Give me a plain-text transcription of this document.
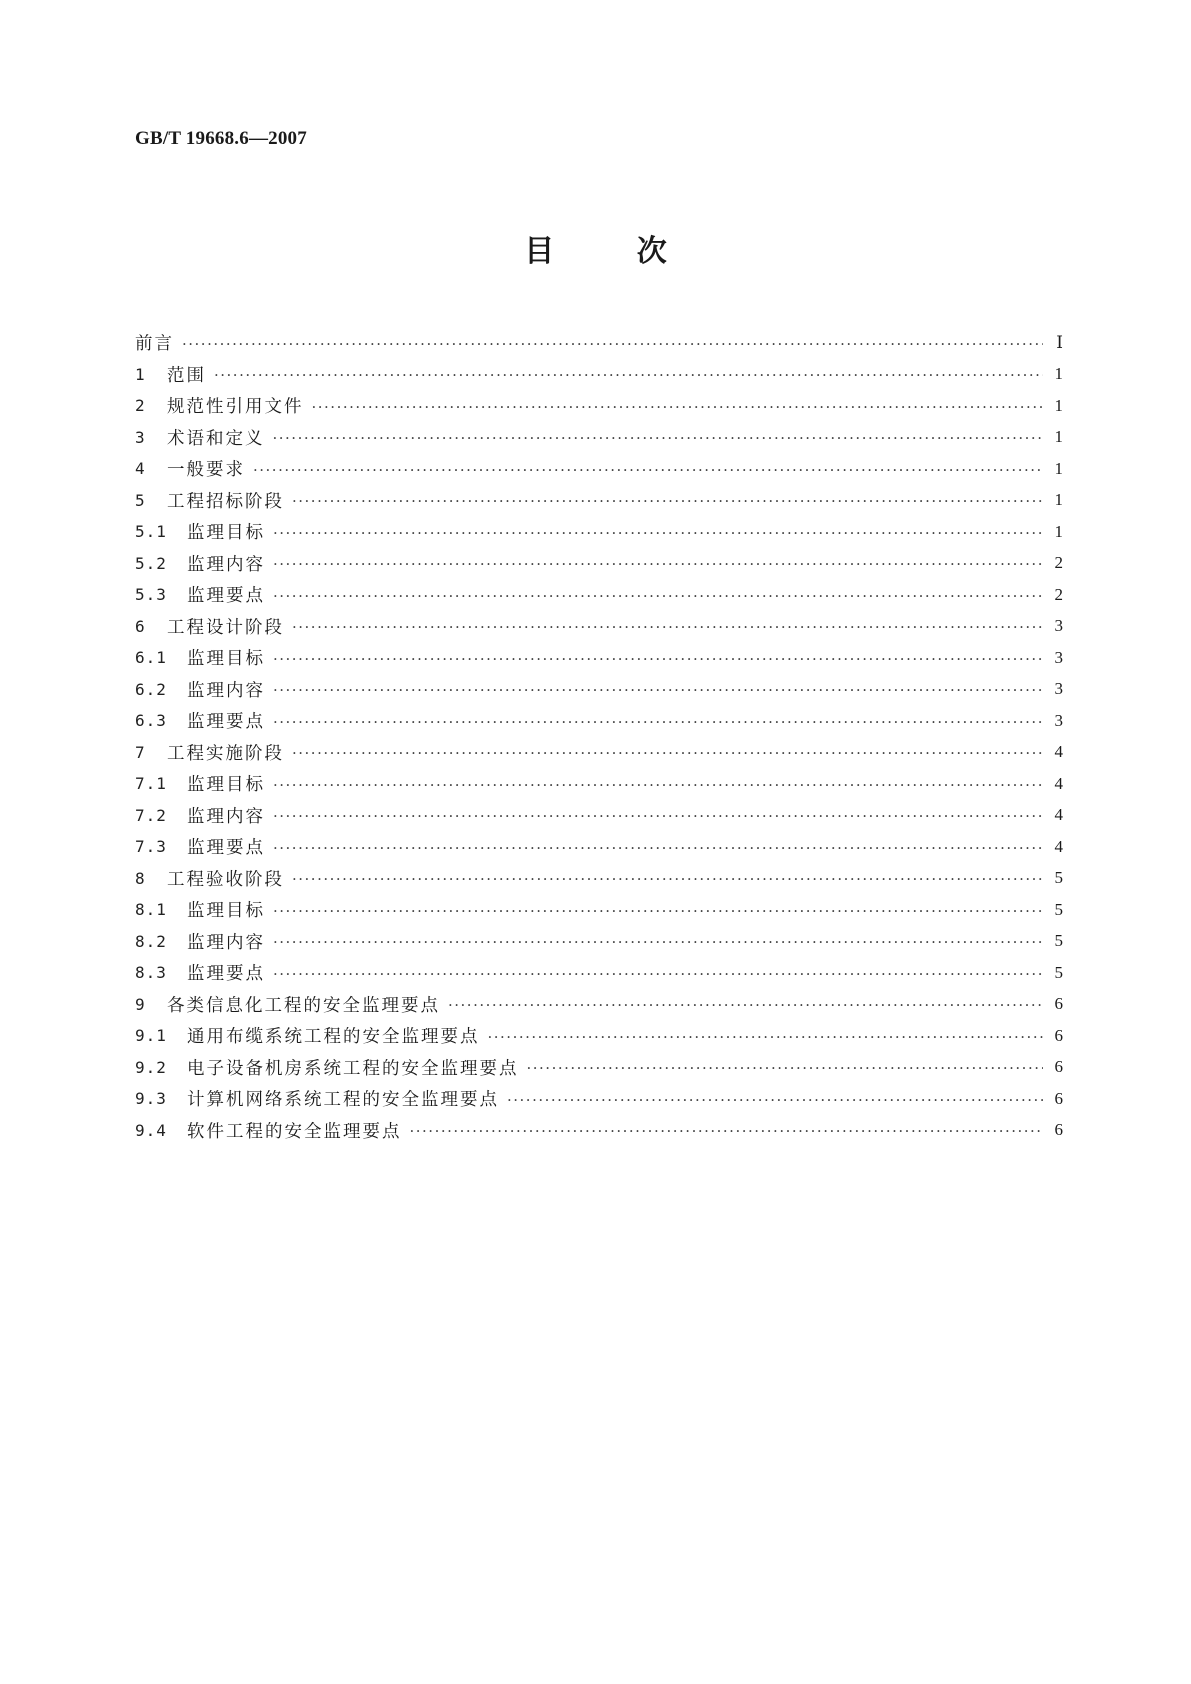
GB/T 19668.6—2007
目	次
前言 ·····	Ⅰ
1	范围 ·····	1
2	规范性引用文件 ·····	1
3	术语和定义 ·····	1
4	一般要求 ·····	1
5	工程招标阶段 ·····	1
5.1	监理目标 ·····	1
5.2	监理内容 ·····	2
5.3	监理要点 ·····	2
6	工程设计阶段 ·····	3
6.1	监理目标 ·····	3
6.2	监理内容 ·····	3
6.3	监理要点 ·····	3
7	工程实施阶段 ·····	4
7.1	监理目标 ·····	4
7.2	监理内容 ·····	4
7.3	监理要点 ·····	4
8	工程验收阶段 ·····	5
8.1	监理目标 ·····	5
8.2	监理内容 ·····	5
8.3	监理要点 ·····	5
9	各类信息化工程的安全监理要点 ·····	6
9.1	通用布缆系统工程的安全监理要点 ·····	6
9.2	电子设备机房系统工程的安全监理要点 ·····	6
9.3	计算机网络系统工程的安全监理要点 ·····	6
9.4	软件工程的安全监理要点 ·····	6
